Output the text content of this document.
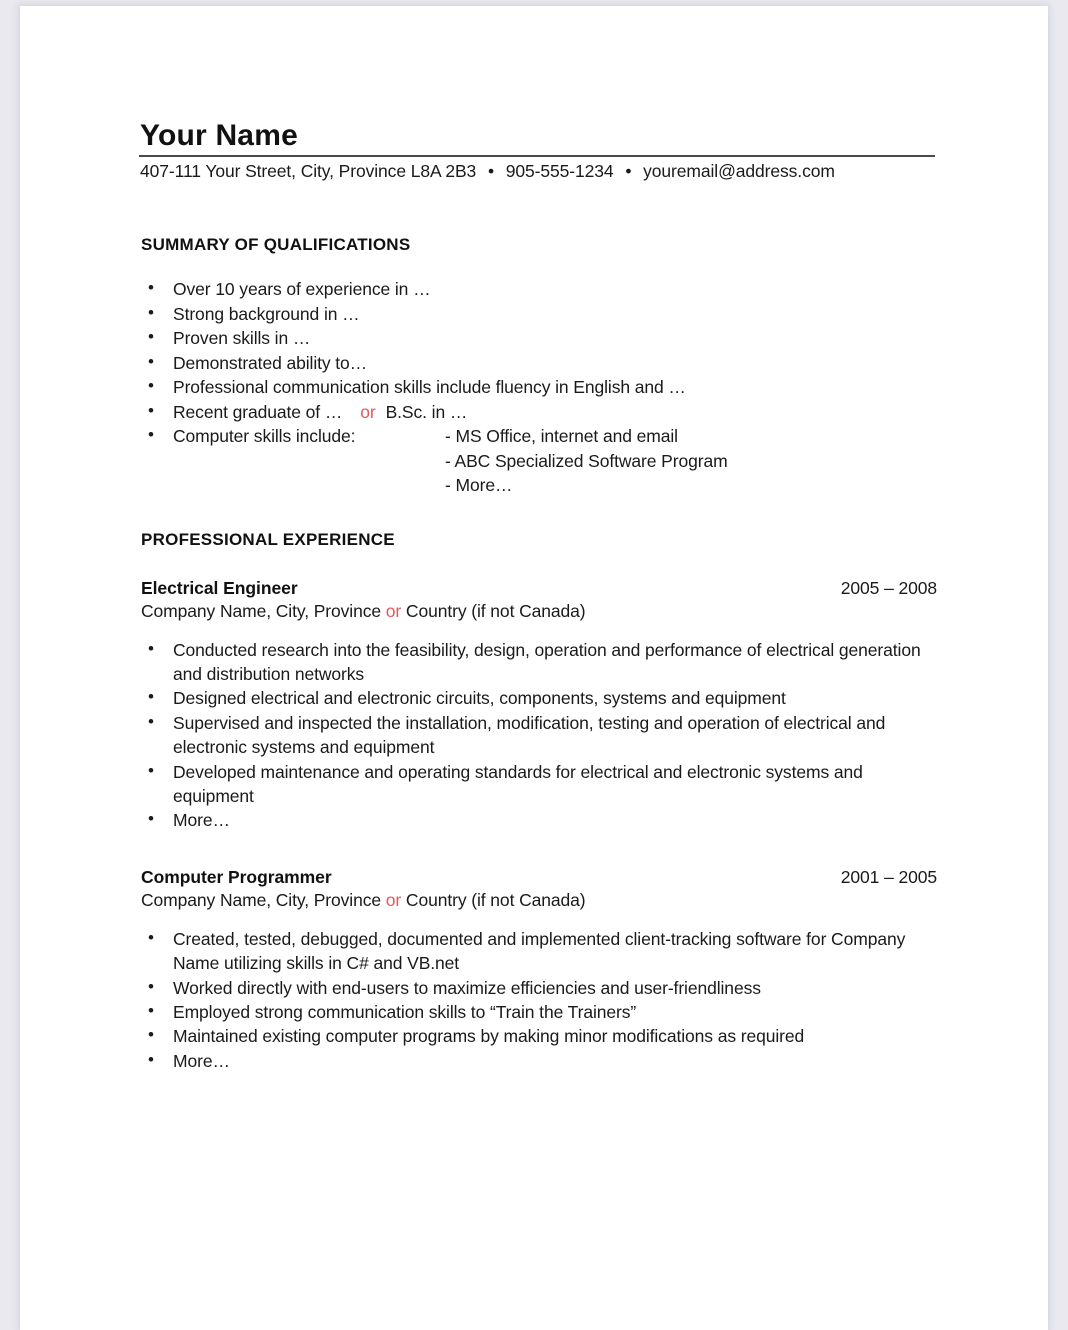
Your Name
407-111 Your Street, City, Province L8A 2B3 • 905-555-1234 • youremail@address.com
SUMMARY OF QUALIFICATIONS
• Over 10 years of experience in …
• Strong background in …
• Proven skills in …
• Demonstrated ability to…
• Professional communication skills include fluency in English and …
• Recent graduate of … or B.Sc. in …
• Computer skills include:	- MS Office, internet and email
- ABC Specialized Software Program
- More…
PROFESSIONAL EXPERIENCE
Electrical Engineer	2005 – 2008
Company Name, City, Province or Country (if not Canada)
• Conducted research into the feasibility, design, operation and performance of electrical generation and distribution networks
• Designed electrical and electronic circuits, components, systems and equipment
• Supervised and inspected the installation, modification, testing and operation of electrical and electronic systems and equipment
• Developed maintenance and operating standards for electrical and electronic systems and equipment
• More…
Computer Programmer	2001 – 2005
Company Name, City, Province or Country (if not Canada)
• Created, tested, debugged, documented and implemented client-tracking software for Company Name utilizing skills in C# and VB.net
• Worked directly with end-users to maximize efficiencies and user-friendliness
• Employed strong communication skills to “Train the Trainers”
• Maintained existing computer programs by making minor modifications as required
• More…
